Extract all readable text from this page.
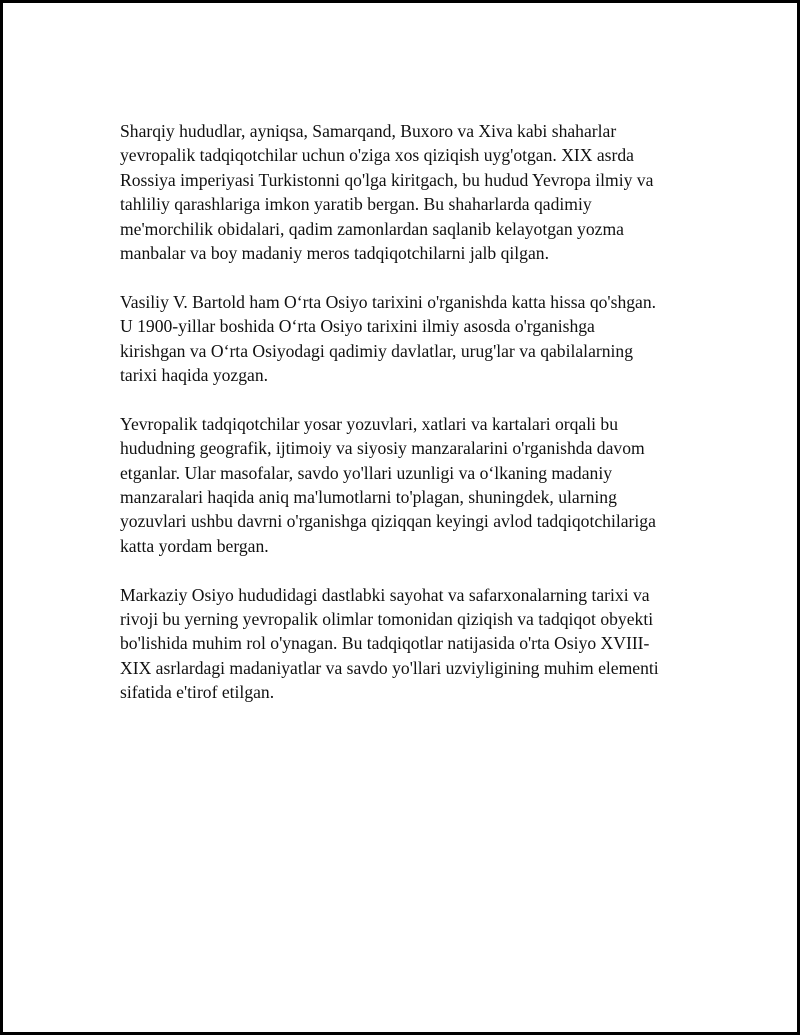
Sharqiy hududlar, ayniqsa, Samarqand, Buxoro va Xiva kabi shaharlar
yevropalik tadqiqotchilar uchun o'ziga xos qiziqish uyg'otgan. XIX asrda
Rossiya imperiyasi Turkistonni qo'lga kiritgach, bu hudud Yevropa ilmiy va
tahliliy qarashlariga imkon yaratib bergan. Bu shaharlarda qadimiy
me'morchilik obidalari, qadim zamonlardan saqlanib kelayotgan yozma
manbalar va boy madaniy meros tadqiqotchilarni jalb qilgan.

Vasiliy V. Bartold ham O‘rta Osiyo tarixini o'rganishda katta hissa qo'shgan.
U 1900-yillar boshida O‘rta Osiyo tarixini ilmiy asosda o'rganishga
kirishgan va O‘rta Osiyodagi qadimiy davlatlar, urug'lar va qabilalarning
tarixi haqida yozgan.

Yevropalik tadqiqotchilar yosar yozuvlari, xatlari va kartalari orqali bu
hududning geografik, ijtimoiy va siyosiy manzaralarini o'rganishda davom
etganlar. Ular masofalar, savdo yo'llari uzunligi va o‘lkaning madaniy
manzaralari haqida aniq ma'lumotlarni to'plagan, shuningdek, ularning
yozuvlari ushbu davrni o'rganishga qiziqqan keyingi avlod tadqiqotchilariga
katta yordam bergan.

Markaziy Osiyo hududidagi dastlabki sayohat va safarxonalarning tarixi va
rivoji bu yerning yevropalik olimlar tomonidan qiziqish va tadqiqot obyekti
bo'lishida muhim rol o'ynagan. Bu tadqiqotlar natijasida o'rta Osiyo XVIII-
XIX asrlardagi madaniyatlar va savdo yo'llari uzviyligining muhim elementi
sifatida e'tirof etilgan.
